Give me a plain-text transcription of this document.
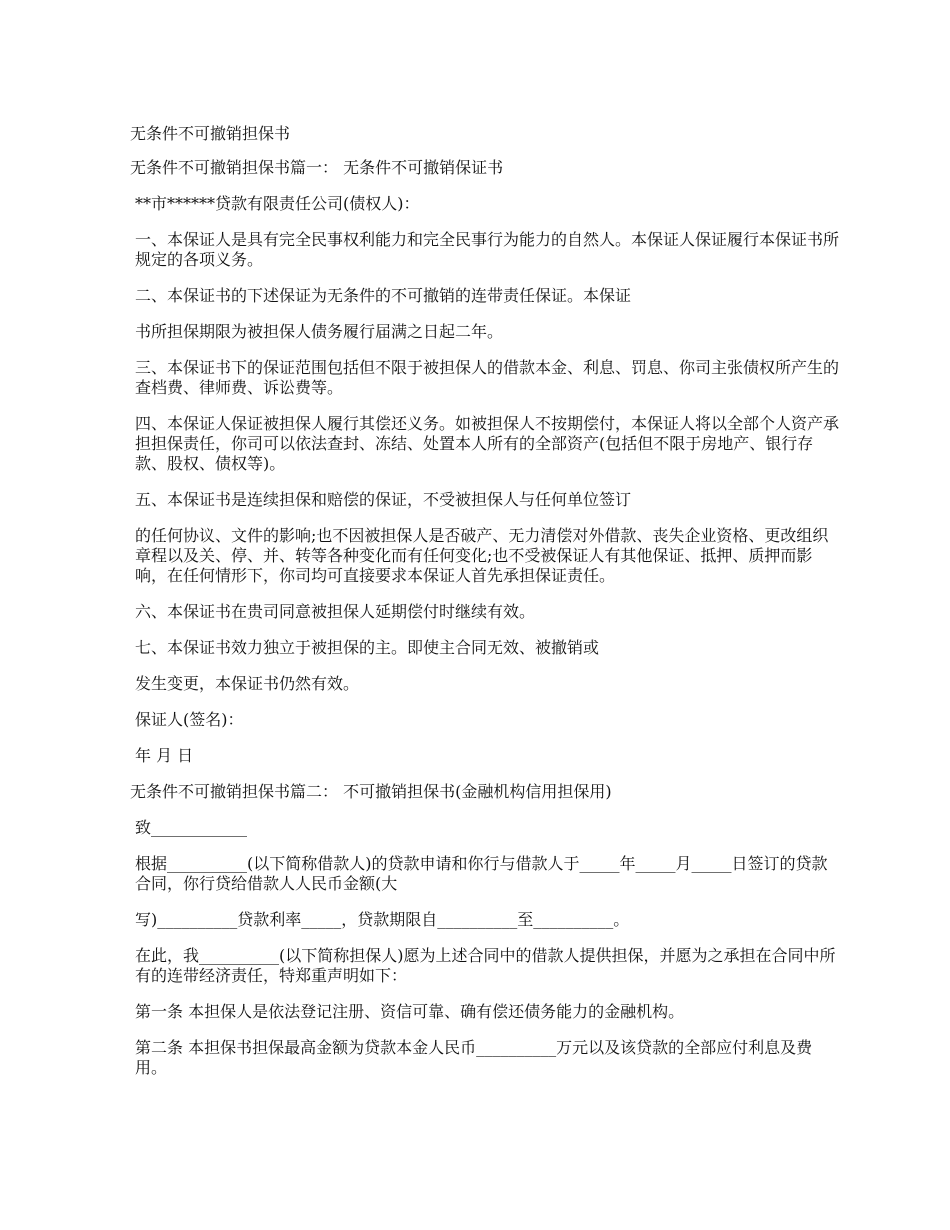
无条件不可撤销担保书

无条件不可撤销担保书篇一： 无条件不可撤销保证书

**市******贷款有限责任公司(债权人)：

一、本保证人是具有完全民事权利能力和完全民事行为能力的自然人。本保证人保证履行本保证书所规定的各项义务。

二、本保证书的下述保证为无条件的不可撤销的连带责任保证。本保证

书所担保期限为被担保人债务履行届满之日起二年。

三、本保证书下的保证范围包括但不限于被担保人的借款本金、利息、罚息、你司主张债权所产生的查档费、律师费、诉讼费等。

四、本保证人保证被担保人履行其偿还义务。如被担保人不按期偿付，本保证人将以全部个人资产承担担保责任，你司可以依法查封、冻结、处置本人所有的全部资产(包括但不限于房地产、银行存款、股权、债权等)。

五、本保证书是连续担保和赔偿的保证，不受被担保人与任何单位签订

的任何协议、文件的影响;也不因被担保人是否破产、无力清偿对外借款、丧失企业资格、更改组织章程以及关、停、并、转等各种变化而有任何变化;也不受被保证人有其他保证、抵押、质押而影响，在任何情形下，你司均可直接要求本保证人首先承担保证责任。

六、本保证书在贵司同意被担保人延期偿付时继续有效。

七、本保证书效力独立于被担保的主。即使主合同无效、被撤销或

发生变更，本保证书仍然有效。

保证人(签名)：

年 月 日

无条件不可撤销担保书篇二： 不可撤销担保书(金融机构信用担保用)

致____________

根据__________(以下简称借款人)的贷款申请和你行与借款人于_____年_____月_____日签订的贷款合同，你行贷给借款人人民币金额(大

写)__________贷款利率_____，贷款期限自__________至__________。

在此，我__________(以下简称担保人)愿为上述合同中的借款人提供担保，并愿为之承担在合同中所有的连带经济责任，特郑重声明如下：

第一条 本担保人是依法登记注册、资信可靠、确有偿还债务能力的金融机构。

第二条 本担保书担保最高金额为贷款本金人民币__________万元以及该贷款的全部应付利息及费用。
